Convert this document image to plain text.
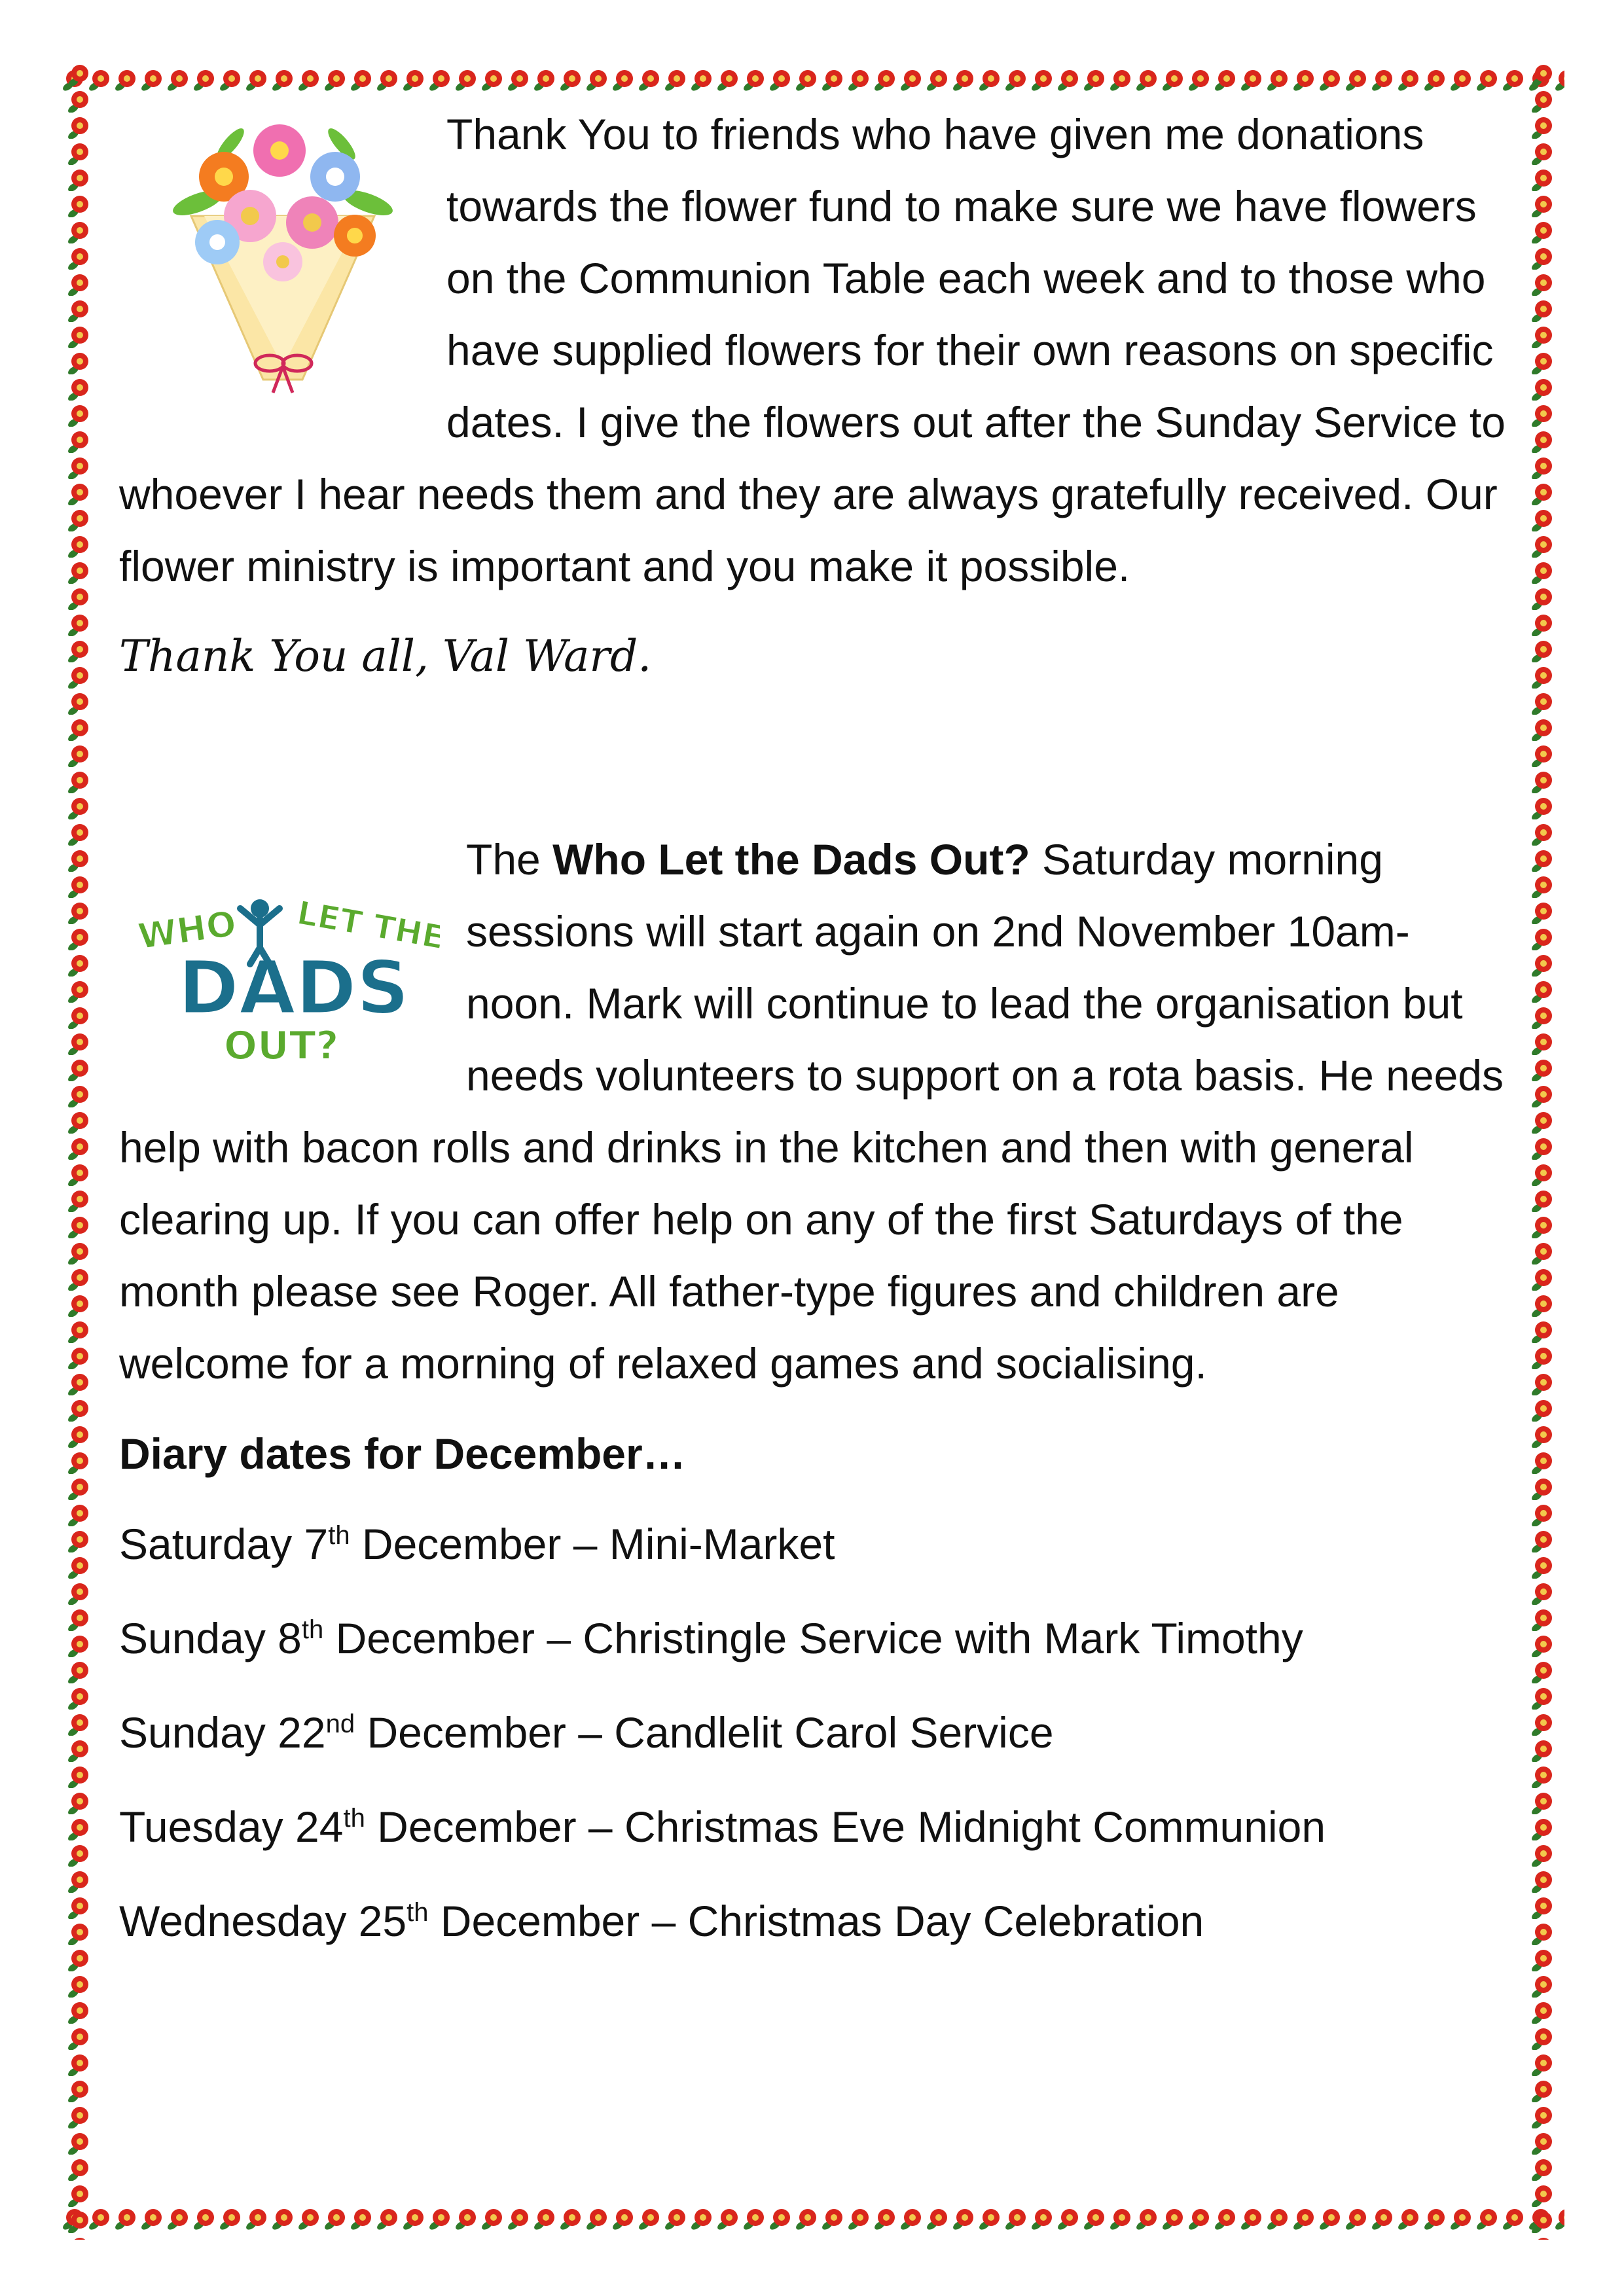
Thank You to friends who have given me donations towards the flower fund to make sure we have flowers on the Communion Table each week and to those who have supplied flowers for their own reasons on specific dates. I give the flowers out after the Sunday Service to whoever I hear needs them and they are always gratefully received. Our flower ministry is important and you make it possible.

Thank You all, Val Ward.

The Who Let the Dads Out?
WHO LET THE
DADS
OUT?
Saturday morning sessions will start again on 2nd November 10am- noon. Mark will continue to lead the organisation but needs volunteers to support on a rota basis. He needs help with bacon rolls and drinks in the kitchen and then with general clearing up. If you can offer help on any of the first Saturdays of the month please see Roger. All father-type figures and children are welcome for a morning of relaxed games and socialising.

Diary dates for December…

Saturday 7th December – Mini-Market

Sunday 8th December – Christingle Service with Mark Timothy

Sunday 22nd December – Candlelit Carol Service

Tuesday 24th December – Christmas Eve Midnight Communion

Wednesday 25th December – Christmas Day Celebration
